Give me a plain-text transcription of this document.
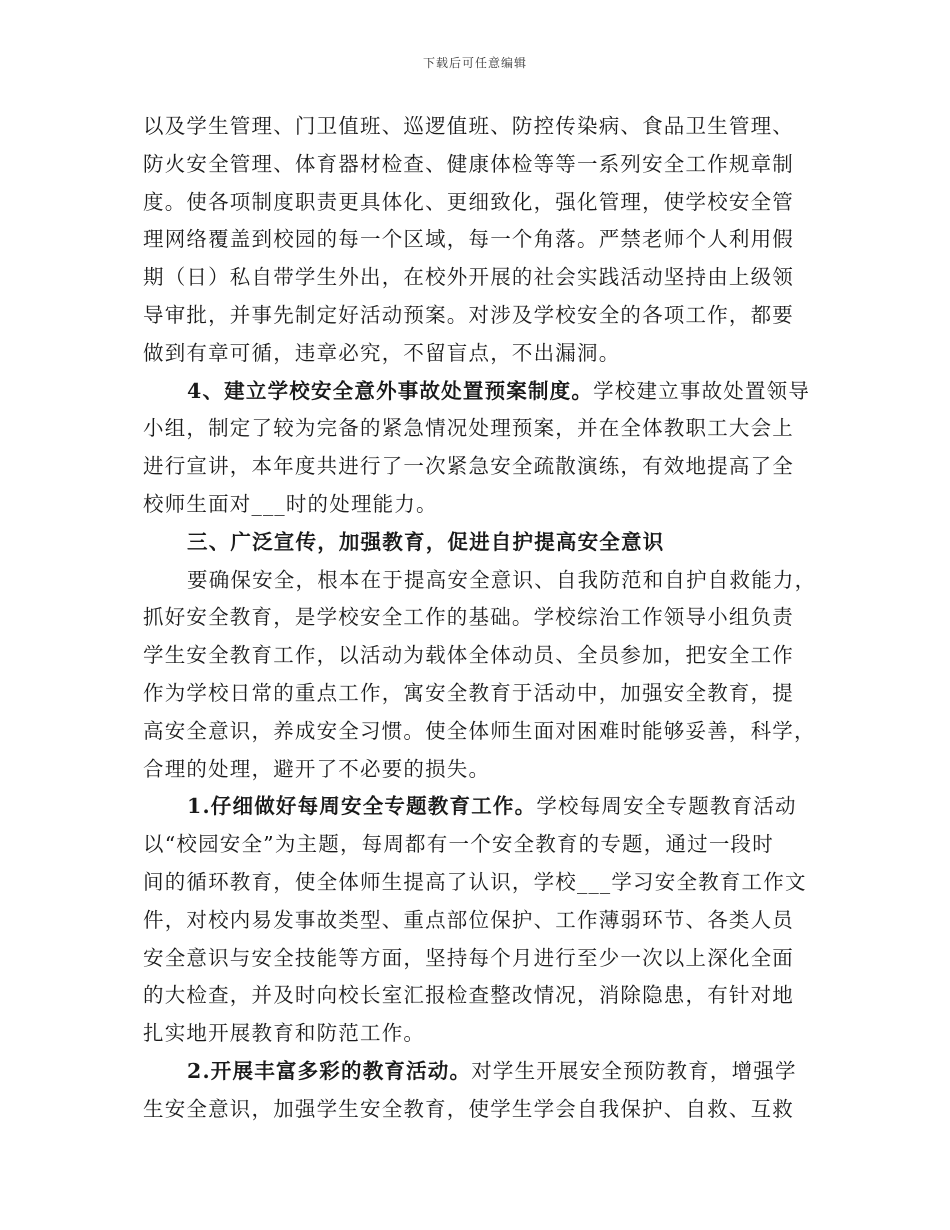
下载后可任意编辑
以及学生管理、门卫值班、巡逻值班、防控传染病、食品卫生管理、
防火安全管理、体育器材检查、健康体检等等一系列安全工作规章制
度。使各项制度职责更具体化、更细致化，强化管理，使学校安全管
理网络覆盖到校园的每一个区域，每一个角落。严禁老师个人利用假
期（日）私自带学生外出，在校外开展的社会实践活动坚持由上级领
导审批，并事先制定好活动预案。对涉及学校安全的各项工作，都要
做到有章可循，违章必究，不留盲点，不出漏洞。
4、建立学校安全意外事故处置预案制度。学校建立事故处置领导
小组，制定了较为完备的紧急情况处理预案，并在全体教职工大会上
进行宣讲，本年度共进行了一次紧急安全疏散演练，有效地提高了全
校师生面对___时的处理能力。
三、广泛宣传，加强教育，促进自护提高安全意识
要确保安全，根本在于提高安全意识、自我防范和自护自救能力，
抓好安全教育，是学校安全工作的基础。学校综治工作领导小组负责
学生安全教育工作，以活动为载体全体动员、全员参加，把安全工作
作为学校日常的重点工作，寓安全教育于活动中，加强安全教育，提
高安全意识，养成安全习惯。使全体师生面对困难时能够妥善，科学，
合理的处理，避开了不必要的损失。
1.仔细做好每周安全专题教育工作。学校每周安全专题教育活动
以“校园安全”为主题，每周都有一个安全教育的专题，通过一段时
间的循环教育，使全体师生提高了认识，学校___学习安全教育工作文
件，对校内易发事故类型、重点部位保护、工作薄弱环节、各类人员
安全意识与安全技能等方面，坚持每个月进行至少一次以上深化全面
的大检查，并及时向校长室汇报检查整改情况，消除隐患，有针对地
扎实地开展教育和防范工作。
2.开展丰富多彩的教育活动。对学生开展安全预防教育，增强学
生安全意识，加强学生安全教育，使学生学会自我保护、自救、互救
